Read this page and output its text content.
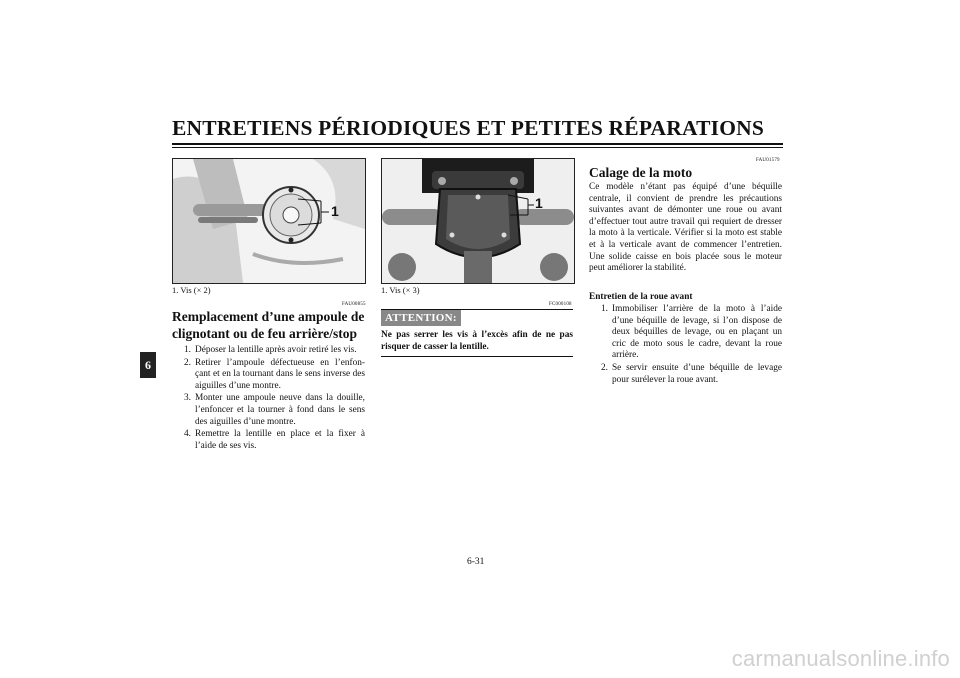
ENTRETIENS PÉRIODIQUES ET PETITES RÉPARATIONS
6
1
1. Vis (× 2)
FAU00855
Remplacement d’une ampoule de clignotant ou de feu arrière/stop
1. Déposer la lentille après avoir retiré les vis.
2. Retirer l’ampoule défectueuse en l’enfon-çant et en la tournant dans le sens inverse des aiguilles d’une montre.
3. Monter une ampoule neuve dans la douille, l’enfoncer et la tourner à fond dans le sens des aiguilles d’une montre.
4. Remettre la lentille en place et la fixer à l’aide de ses vis.
1
1. Vis (× 3)
FC000108
ATTENTION:
Ne pas serrer les vis à l’excès afin de ne pas risquer de casser la lentille.
FAU01579
Calage de la moto
Ce modèle n’étant pas équipé d’une béquille centrale, il convient de prendre les précautions suivantes avant de démonter une roue ou avant d’effectuer tout autre travail qui requiert de dresser la moto à la verticale. Vérifier si la moto est stable et à la verticale avant de commencer l’entretien. Une solide caisse en bois placée sous le moteur peut améliorer la stabilité.
Entretien de la roue avant
1. Immobiliser l’arrière de la moto à l’aide d’une béquille de levage, si l’on dispose de deux béquilles de levage, ou en plaçant un cric de moto sous le cadre, devant la roue arrière.
2. Se servir ensuite d’une béquille de levage pour surélever la roue avant.
6-31
carmanualsonline.info
